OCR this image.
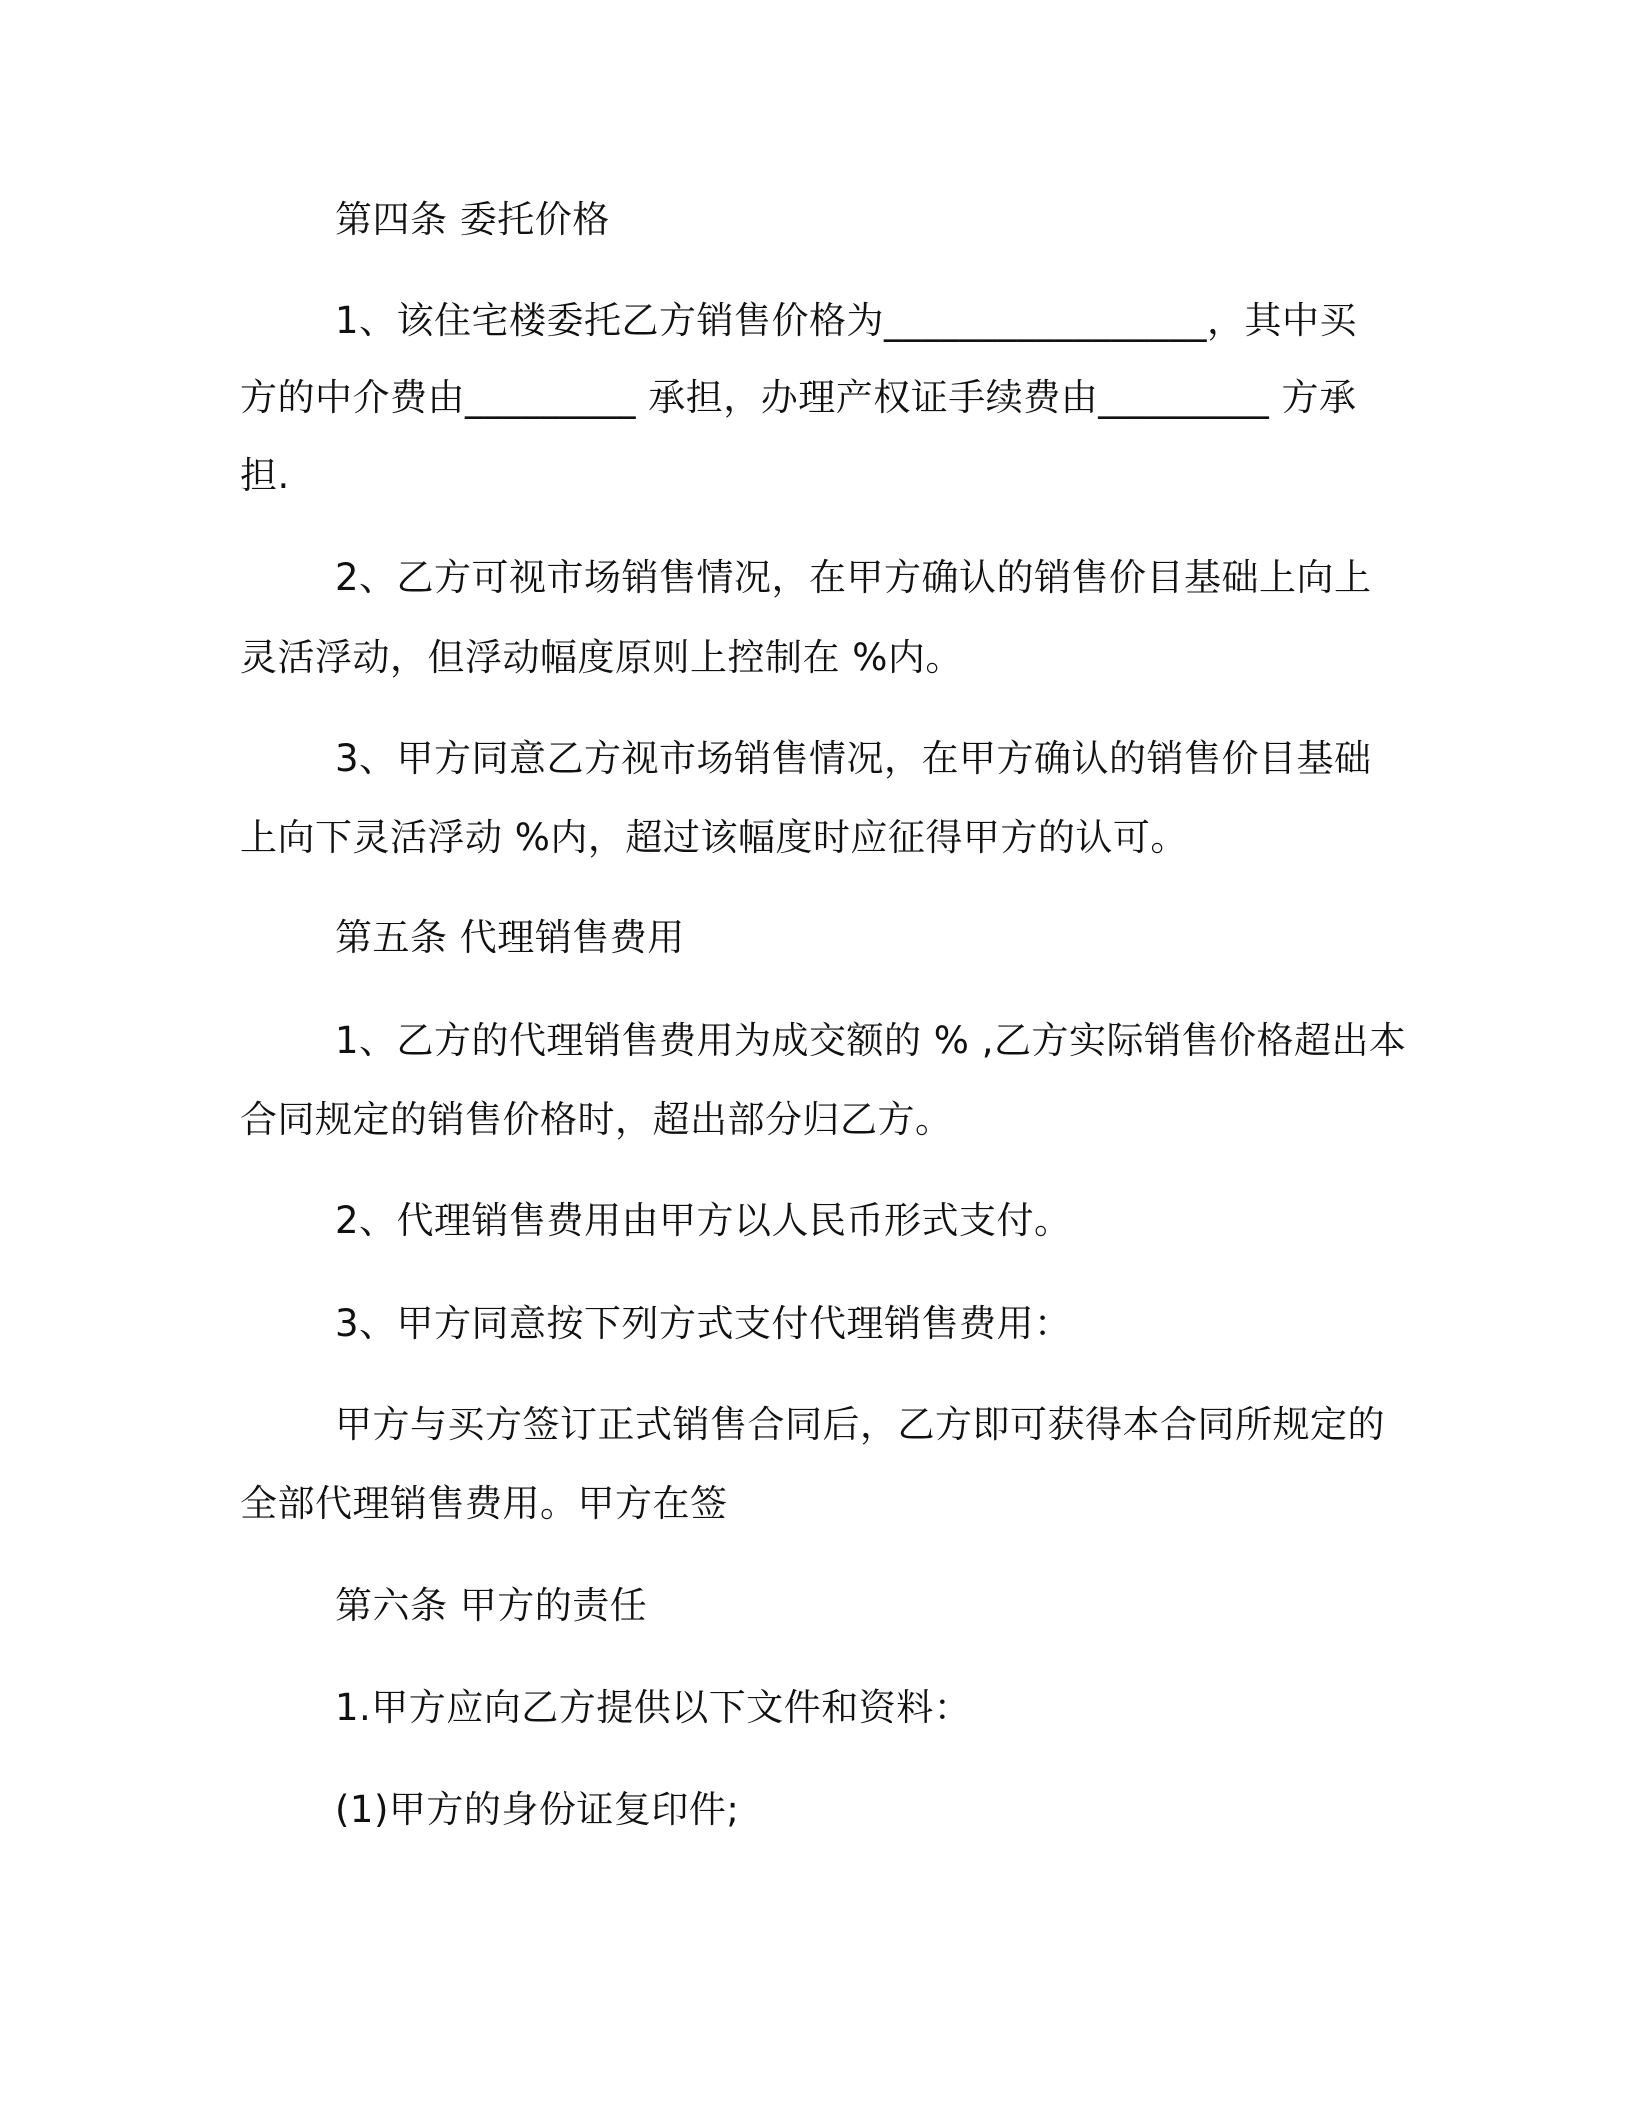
第四条 委托价格
1、该住宅楼委托乙方销售价格为_________________，其中买
方的中介费由_________ 承担，办理产权证手续费由_________ 方承
担.
2、乙方可视市场销售情况，在甲方确认的销售价目基础上向上
灵活浮动，但浮动幅度原则上控制在 %内。
3、甲方同意乙方视市场销售情况，在甲方确认的销售价目基础
上向下灵活浮动 %内，超过该幅度时应征得甲方的认可。
第五条 代理销售费用
1、乙方的代理销售费用为成交额的 % ,乙方实际销售价格超出本
合同规定的销售价格时，超出部分归乙方。
2、代理销售费用由甲方以人民币形式支付。
3、甲方同意按下列方式支付代理销售费用：
甲方与买方签订正式销售合同后，乙方即可获得本合同所规定的
全部代理销售费用。甲方在签
第六条 甲方的责任
1.甲方应向乙方提供以下文件和资料：
(1)甲方的身份证复印件;
